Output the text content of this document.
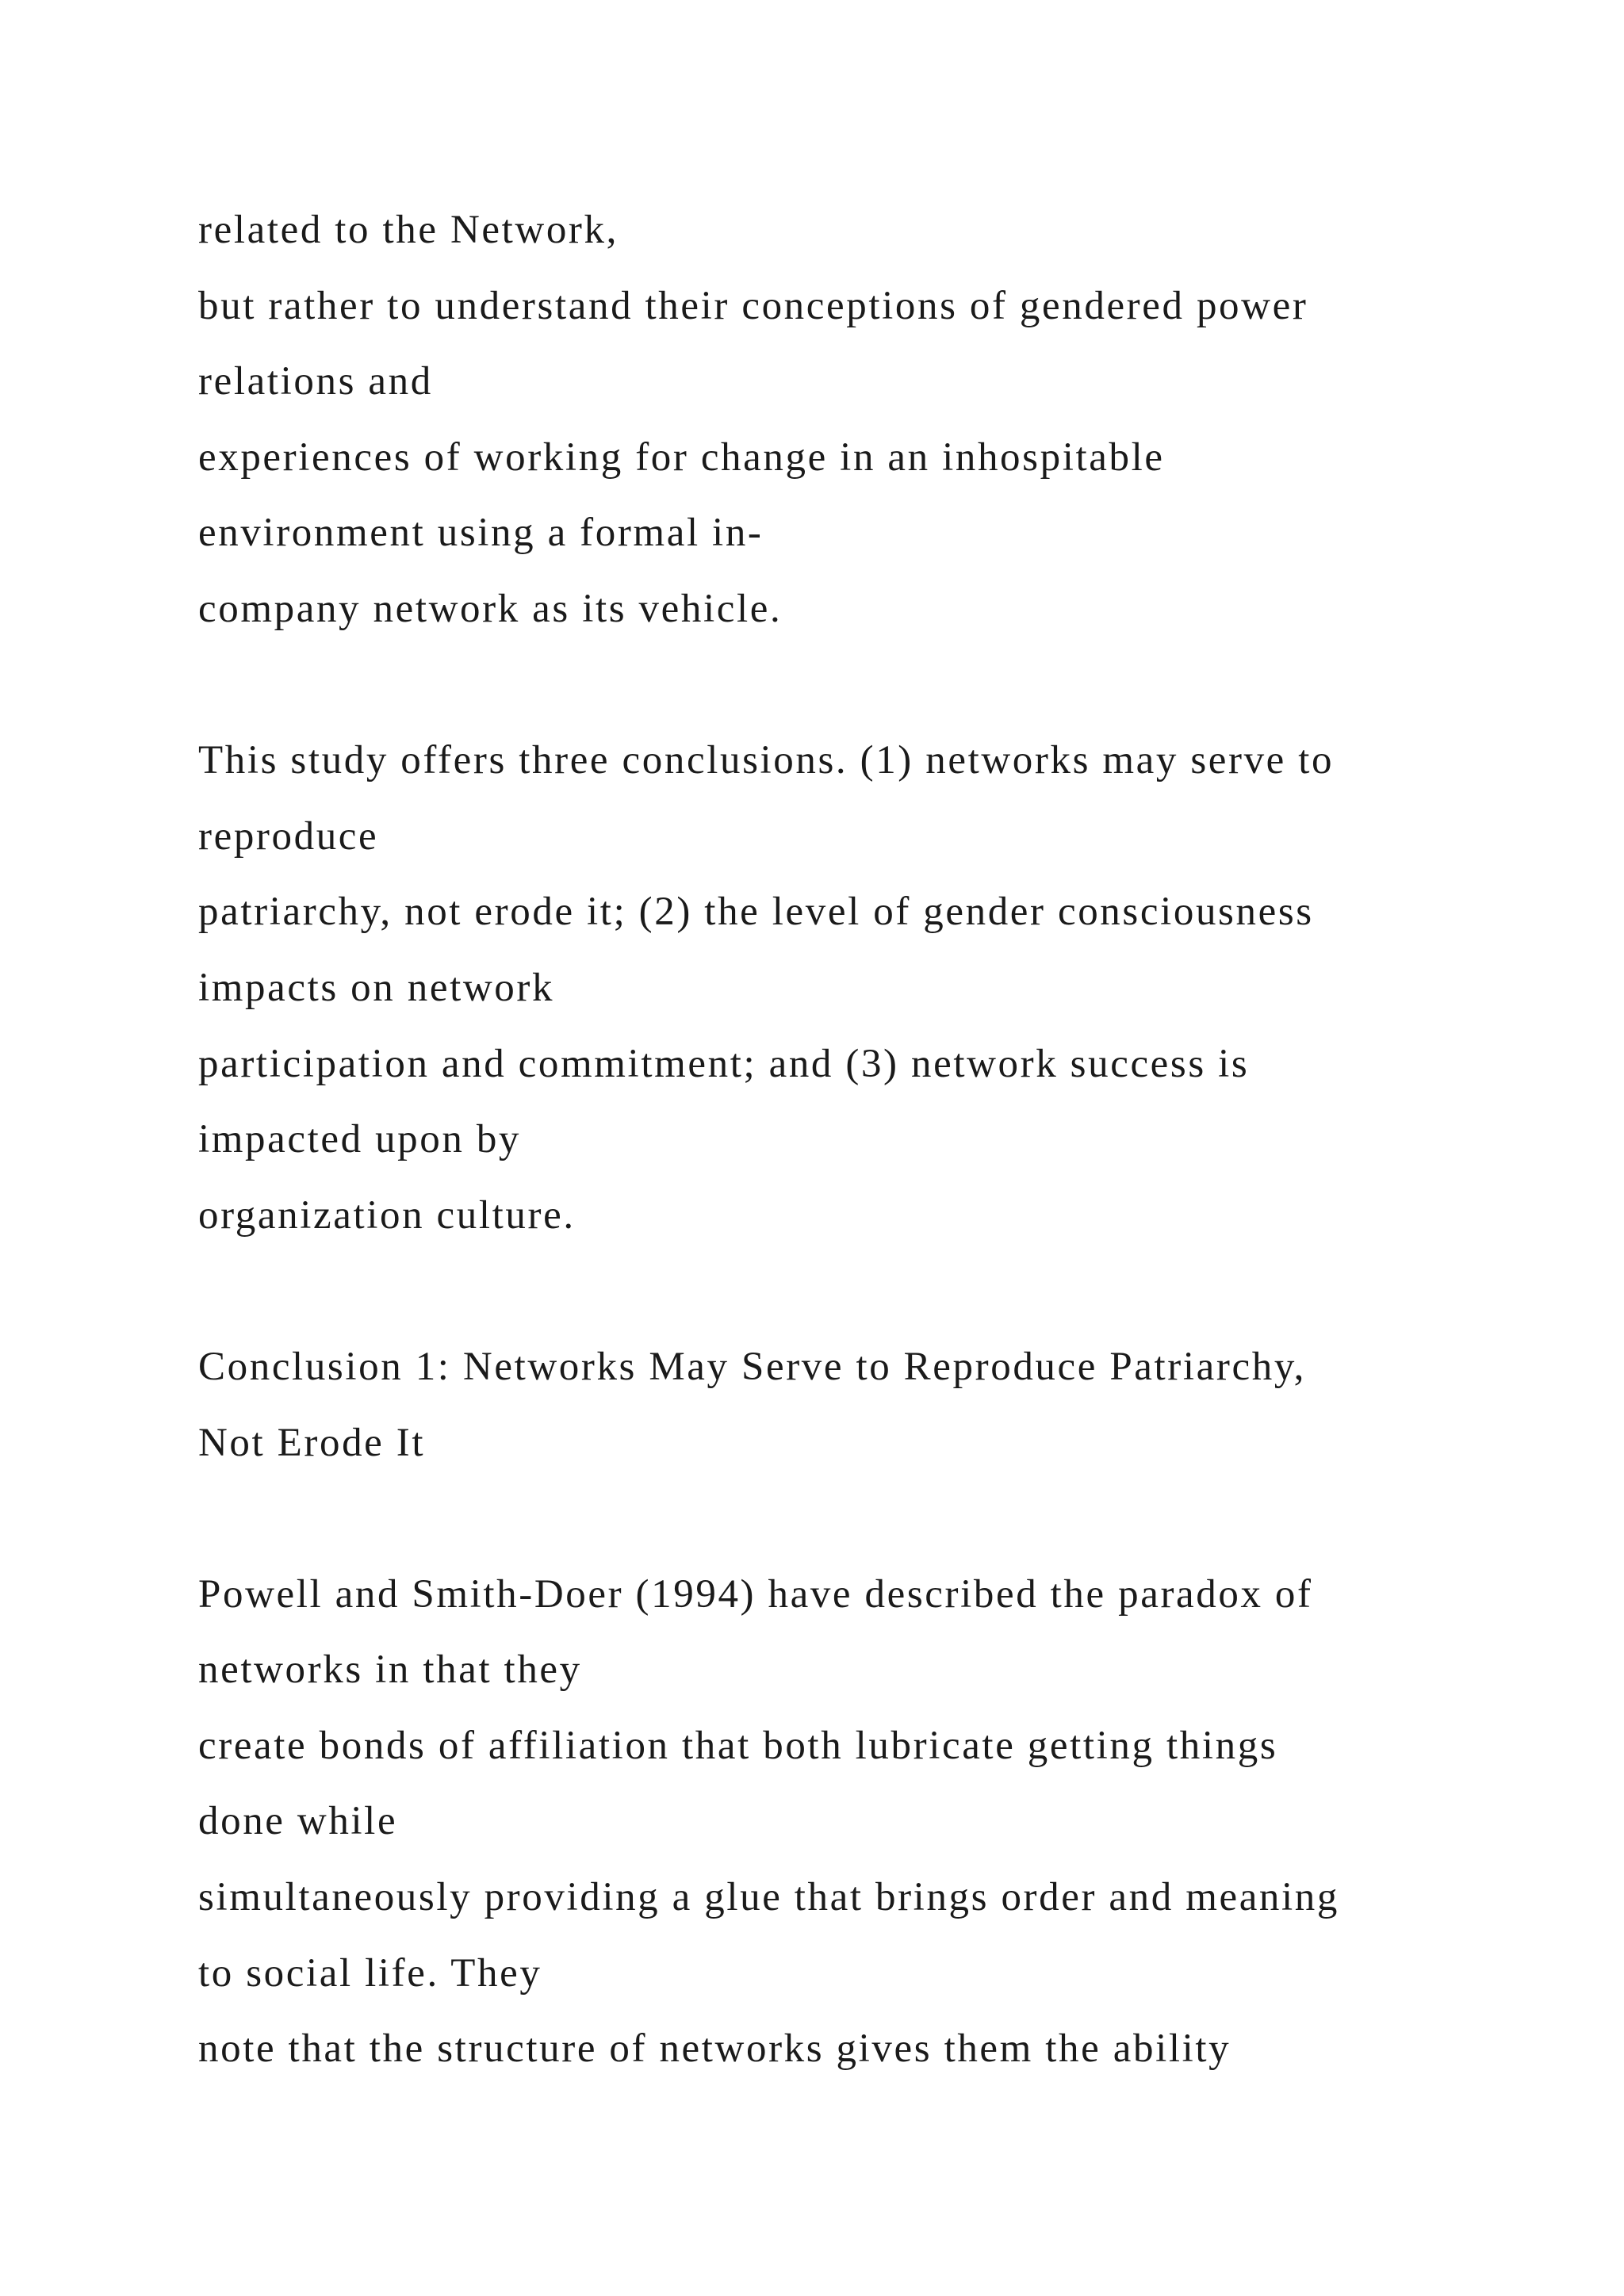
related to the Network,
but rather to understand their conceptions of gendered power
relations and
experiences of working for change in an inhospitable
environment using a formal in-
company network as its vehicle.
This study offers three conclusions. (1) networks may serve to
reproduce
patriarchy, not erode it; (2) the level of gender consciousness
impacts on network
participation and commitment; and (3) network success is
impacted upon by
organization culture.
Conclusion 1: Networks May Serve to Reproduce Patriarchy,
Not Erode It
Powell and Smith-Doer (1994) have described the paradox of
networks in that they
create bonds of affiliation that both lubricate getting things
done while
simultaneously providing a glue that brings order and meaning
to social life. They
note that the structure of networks gives them the ability
